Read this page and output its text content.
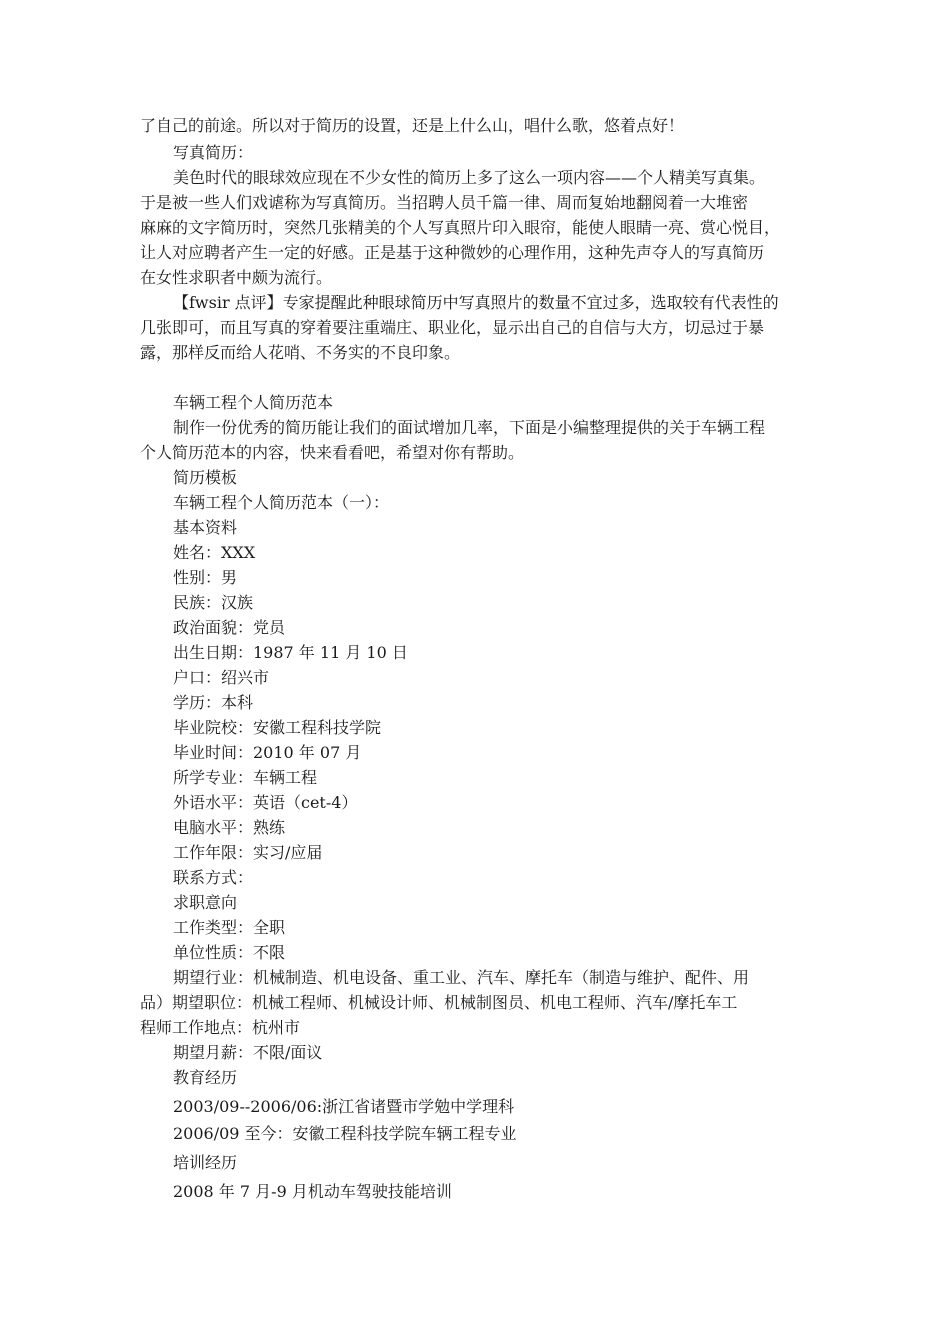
了自己的前途。所以对于简历的设置，还是上什么山，唱什么歌，悠着点好！
写真简历：
美色时代的眼球效应现在不少女性的简历上多了这么一项内容——个人精美写真集。
于是被一些人们戏谑称为写真简历。当招聘人员千篇一律、周而复始地翻阅着一大堆密
麻麻的文字简历时，突然几张精美的个人写真照片印入眼帘，能使人眼睛一亮、赏心悦目，
让人对应聘者产生一定的好感。正是基于这种微妙的心理作用，这种先声夺人的写真简历
在女性求职者中颇为流行。
【fwsir 点评】专家提醒此种眼球简历中写真照片的数量不宜过多，选取较有代表性的
几张即可，而且写真的穿着要注重端庄、职业化，显示出自己的自信与大方，切忌过于暴
露，那样反而给人花哨、不务实的不良印象。
车辆工程个人简历范本
制作一份优秀的简历能让我们的面试增加几率，下面是小编整理提供的关于车辆工程
个人简历范本的内容，快来看看吧，希望对你有帮助。
简历模板
车辆工程个人简历范本（一）：
基本资料
姓名：XXX
性别：男
民族：汉族
政治面貌：党员
出生日期：1987 年 11 月 10 日
户口：绍兴市
学历：本科
毕业院校：安徽工程科技学院
毕业时间：2010 年 07 月
所学专业：车辆工程
外语水平：英语（cet-4）
电脑水平：熟练
工作年限：实习/应届
联系方式：
求职意向
工作类型：全职
单位性质：不限
期望行业：机械制造、机电设备、重工业、汽车、摩托车（制造与维护、配件、用
品）期望职位：机械工程师、机械设计师、机械制图员、机电工程师、汽车/摩托车工
程师工作地点：杭州市
期望月薪：不限/面议
教育经历
2003/09--2006/06:浙江省诸暨市学勉中学理科
2006/09 至今：安徽工程科技学院车辆工程专业
培训经历
2008 年 7 月-9 月机动车驾驶技能培训
